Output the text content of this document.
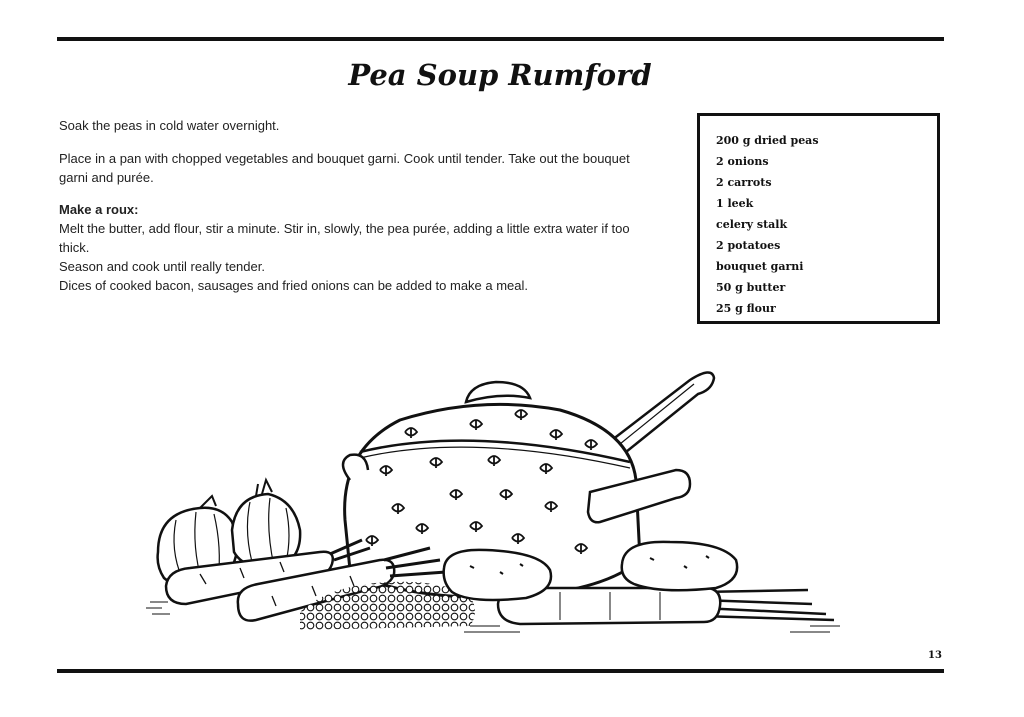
Pea Soup Rumford

Soak the peas in cold water overnight.

Place in a pan with chopped vegetables and bouquet garni. Cook until tender. Take out the bouquet garni and purée.

Make a roux:

Melt the butter, add flour, stir a minute. Stir in, slowly, the pea purée, adding a little extra water if too thick.

Season and cook until really tender.

Dices of cooked bacon, sausages and fried onions can be added to make a meal.

200 g dried peas
2 onions
2 carrots
1 leek
celery stalk
2 potatoes
bouquet garni
50 g butter
25 g flour
13
